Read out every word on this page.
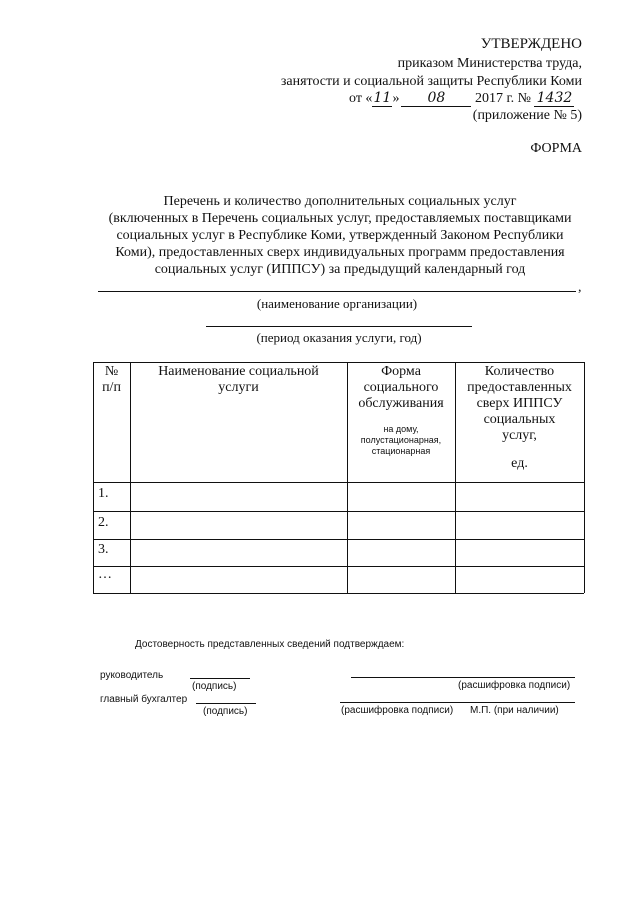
УТВЕРЖДЕНО
приказом Министерства труда,
занятости и социальной защиты Республики Коми
от «11» 08 2017 г. № 1432
(приложение № 5)
ФОРМА
Перечень и количество дополнительных социальных услуг
(включенных в Перечень социальных услуг, предоставляемых поставщиками
социальных услуг в Республике Коми, утвержденный Законом Республики
Коми), предоставленных сверх индивидуальных программ предоставления
социальных услуг (ИППСУ) за предыдущий календарный год
,
(наименование организации)
(период оказания услуги, год)
№
п/п
Наименование социальной
услуги
Форма
социального
обслуживания
на дому,
полустационарная,
стационарная
Количество
предоставленных
сверх ИППСУ
социальных
услуг,
ед.
1.
2.
3.
…
Достоверность представленных сведений подтверждаем:
руководитель
(подпись)	(расшифровка подписи)
главный бухгалтер
(подпись)	(расшифровка подписи) М.П. (при наличии)
